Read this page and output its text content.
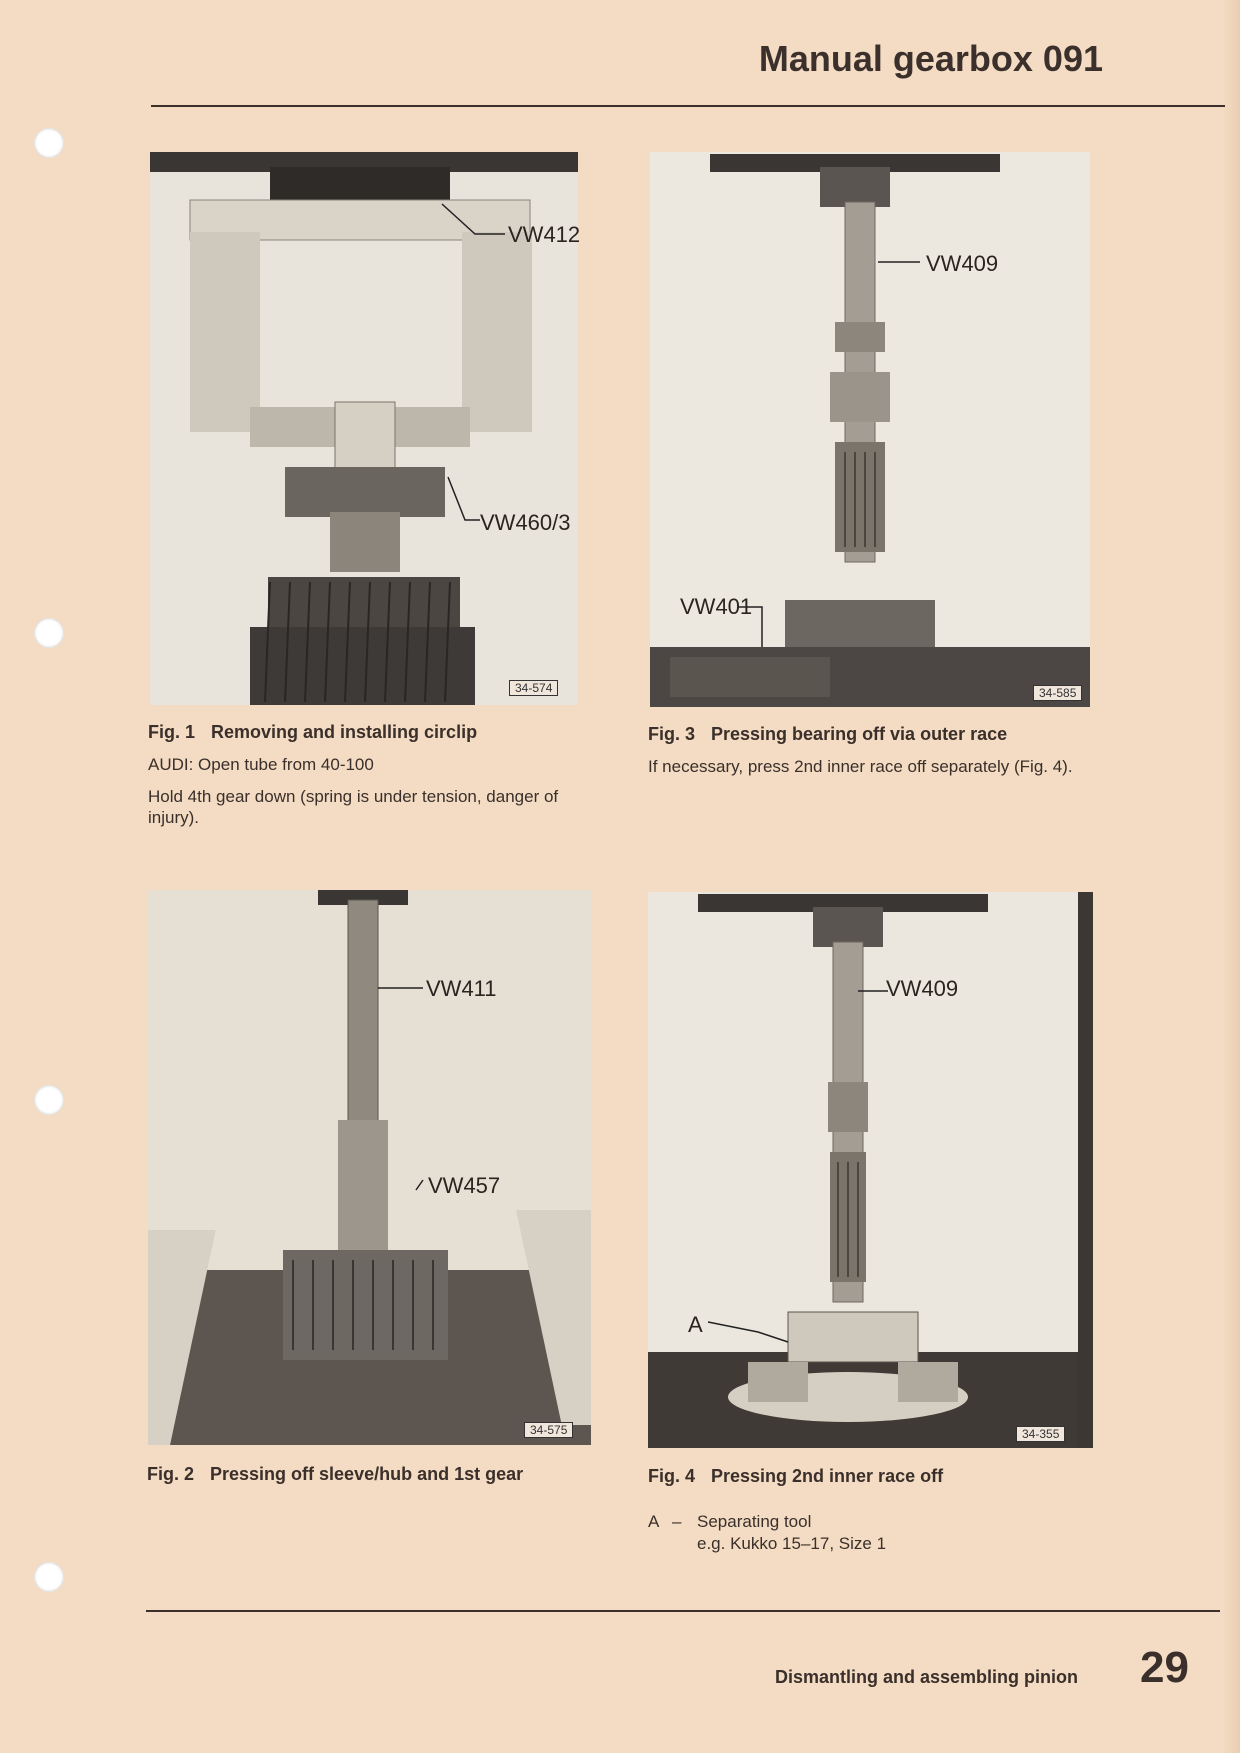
Manual gearbox 091
VW412
VW460/3
34-574
VW409
VW401
34-585
Fig. 1 Removing and installing circlip
AUDI: Open tube from 40-100
Hold 4th gear down (spring is under tension, danger of injury).
Fig. 3 Pressing bearing off via outer race
If necessary, press 2nd inner race off separately (Fig. 4).
VW411
VW457
34-575
VW409
A
34-355
Fig. 2 Pressing off sleeve/hub and 1st gear	Fig. 4 Pressing 2nd inner race off
A – Separating tool
e.g. Kukko 15–17, Size 1
Dismantling and assembling pinion 29
